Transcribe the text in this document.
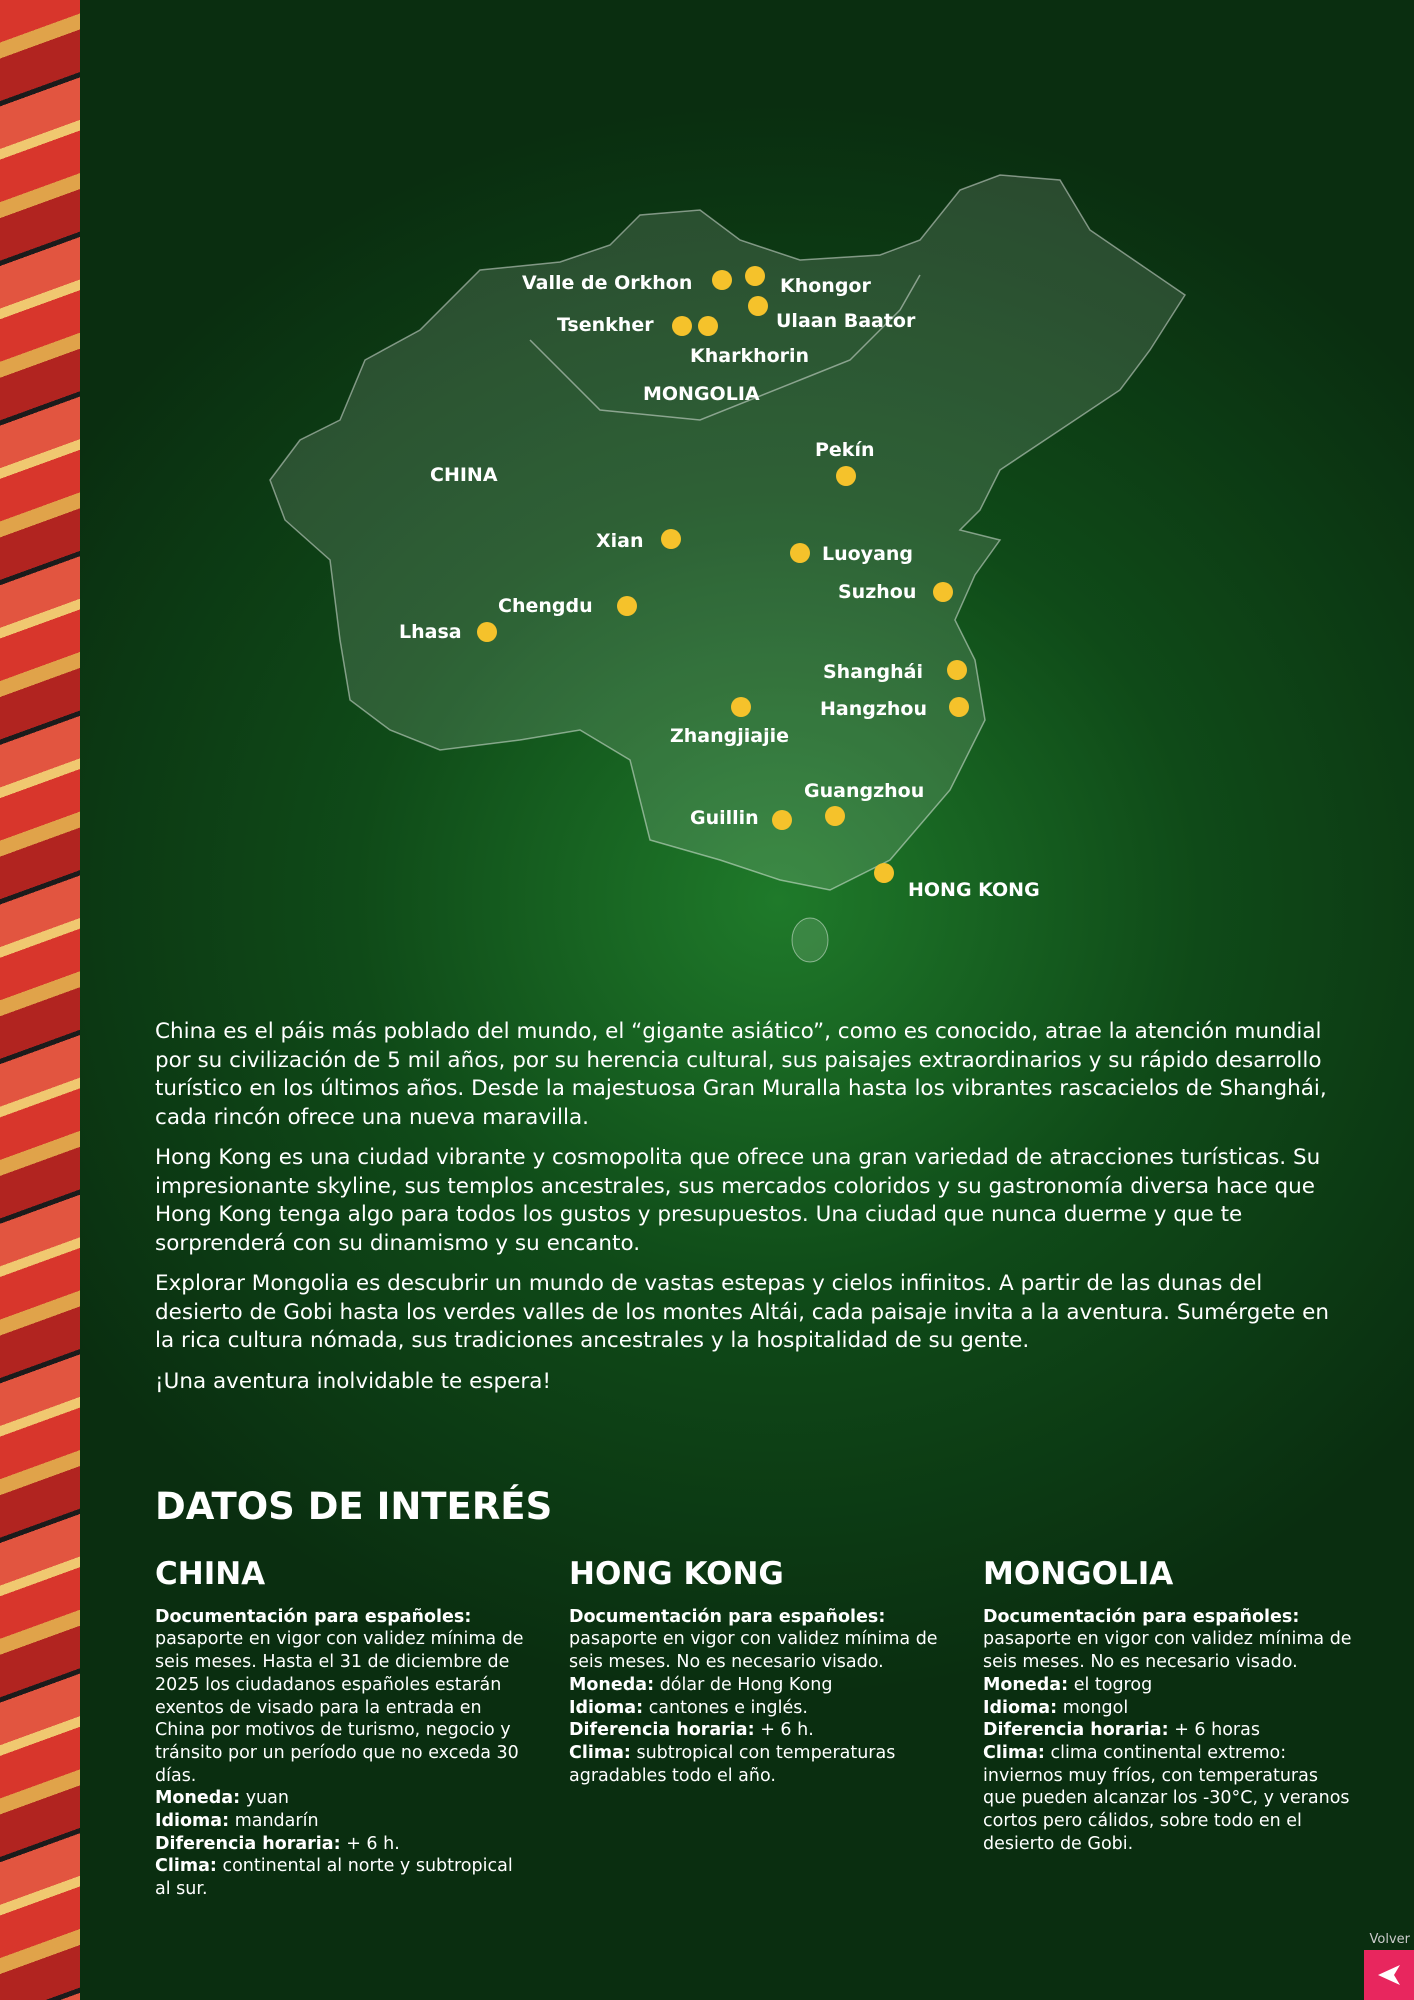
Valle de Orkhon	Khongor
Ulaan Baator
Tsenkher
Kharkhorin
MONGOLIA
CHINA
Pekín
Xian
Luoyang
Suzhou
Chengdu
Lhasa
Shanghái
Hangzhou
Zhangjiajie
Guangzhou
Guillin
HONG KONG

China es el páis más poblado del mundo, el “gigante asiático”, como es conocido, atrae la atención mundial por su civilización de 5 mil años, por su herencia cultural, sus paisajes extraordinarios y su rápido desarrollo turístico en los últimos años. Desde la majestuosa Gran Muralla hasta los vibrantes rascacielos de Shanghái, cada rincón ofrece una nueva maravilla.

Hong Kong es una ciudad vibrante y cosmopolita que ofrece una gran variedad de atracciones turísticas. Su impresionante skyline, sus templos ancestrales, sus mercados coloridos y su gastronomía diversa hace que Hong Kong tenga algo para todos los gustos y presupuestos. Una ciudad que nunca duerme y que te sorprenderá con su dinamismo y su encanto.

Explorar Mongolia es descubrir un mundo de vastas estepas y cielos infinitos. A partir de las dunas del desierto de Gobi hasta los verdes valles de los montes Altái, cada paisaje invita a la aventura. Sumérgete en la rica cultura nómada, sus tradiciones ancestrales y la hospitalidad de su gente.

¡Una aventura inolvidable te espera!

DATOS DE INTERÉS
CHINA
Documentación para españoles: pasaporte en vigor con validez mínima de seis meses. Hasta el 31 de diciembre de 2025 los ciudadanos españoles estarán exentos de visado para la entrada en China por motivos de turismo, negocio y tránsito por un período que no exceda 30 días.
Moneda: yuan
Idioma: mandarín
Diferencia horaria: + 6 h.
Clima: continental al norte y subtropical al sur.
HONG KONG
Documentación para españoles: pasaporte en vigor con validez mínima de seis meses. No es necesario visado.
Moneda: dólar de Hong Kong
Idioma: cantones e inglés.
Diferencia horaria: + 6 h.
Clima: subtropical con temperaturas agradables todo el año.
MONGOLIA
Documentación para españoles: pasaporte en vigor con validez mínima de seis meses. No es necesario visado.
Moneda: el togrog
Idioma: mongol
Diferencia horaria: + 6 horas
Clima: clima continental extremo: inviernos muy fríos, con temperaturas que pueden alcanzar los -30°C, y veranos cortos pero cálidos, sobre todo en el desierto de Gobi.
Volver
